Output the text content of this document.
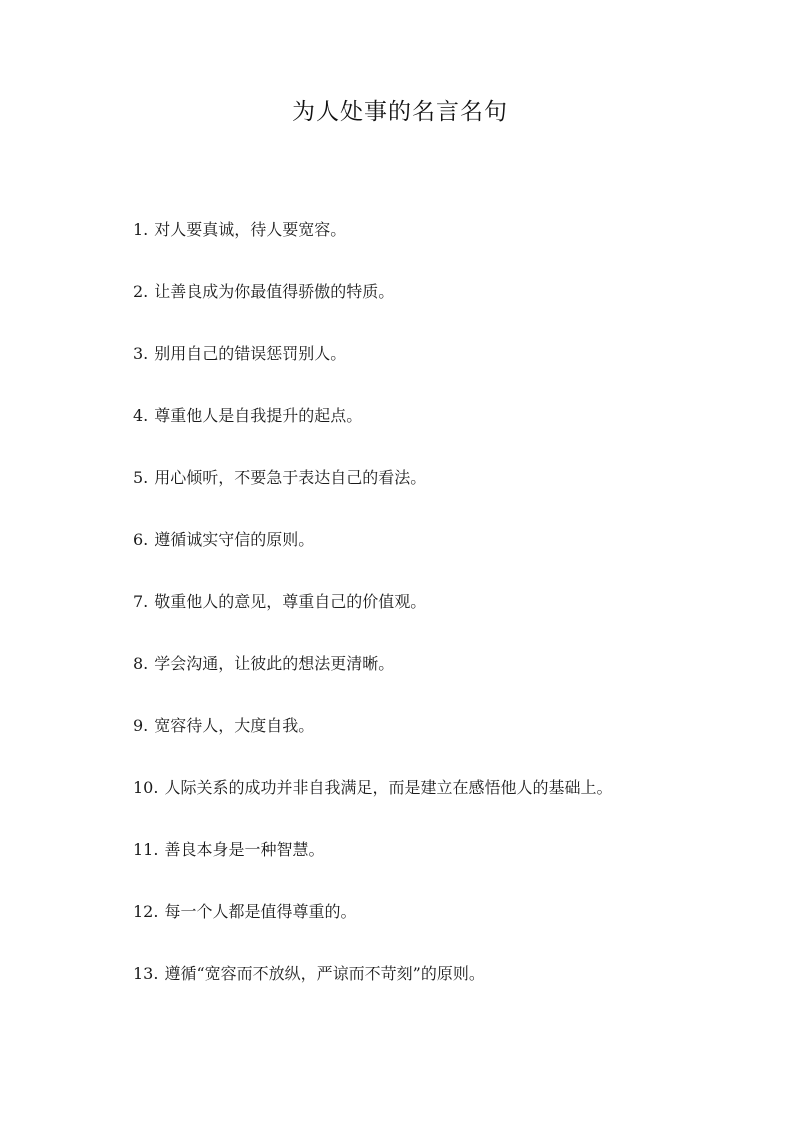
为人处事的名言名句
1. 对人要真诚，待人要宽容。
2. 让善良成为你最值得骄傲的特质。
3. 别用自己的错误惩罚别人。
4. 尊重他人是自我提升的起点。
5. 用心倾听，不要急于表达自己的看法。
6. 遵循诚实守信的原则。
7. 敬重他人的意见，尊重自己的价值观。
8. 学会沟通，让彼此的想法更清晰。
9. 宽容待人，大度自我。
10. 人际关系的成功并非自我满足，而是建立在感悟他人的基础上。
11. 善良本身是一种智慧。
12. 每一个人都是值得尊重的。
13. 遵循“宽容而不放纵，严谅而不苛刻”的原则。
